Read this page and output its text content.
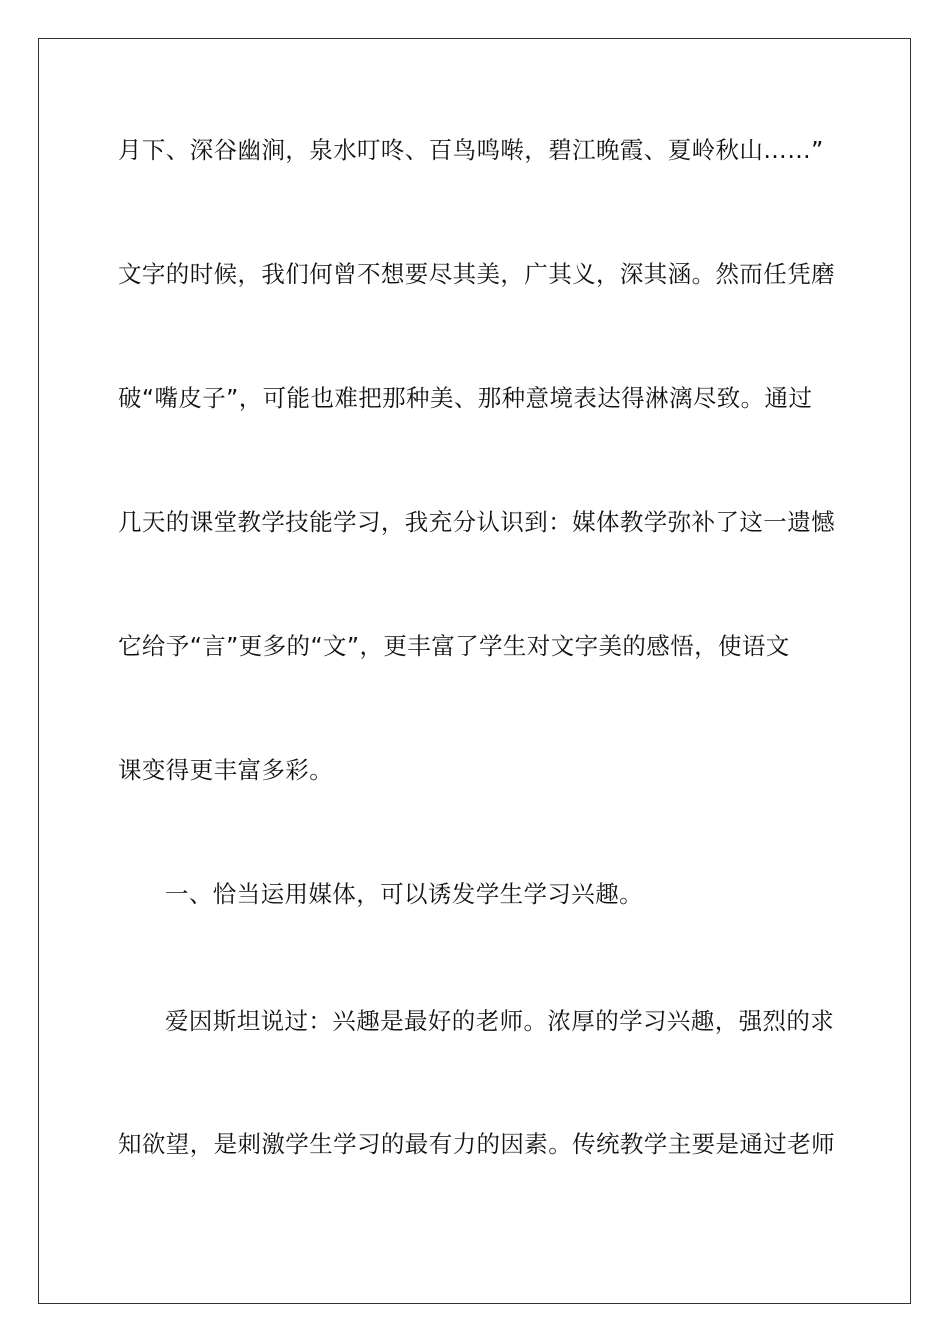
月下、深谷幽涧，泉水叮咚、百鸟鸣啭，碧江晚霞、夏岭秋山……”
文字的时候，我们何曾不想要尽其美，广其义，深其涵。然而任凭磨
破“嘴皮子”，可能也难把那种美、那种意境表达得淋漓尽致。通过
几天的课堂教学技能学习，我充分认识到：媒体教学弥补了这一遗憾
它给予“言”更多的“文”，更丰富了学生对文字美的感悟，使语文
课变得更丰富多彩。
一、恰当运用媒体，可以诱发学生学习兴趣。
爱因斯坦说过：兴趣是最好的老师。浓厚的学习兴趣，强烈的求
知欲望，是刺激学生学习的最有力的因素。传统教学主要是通过老师
